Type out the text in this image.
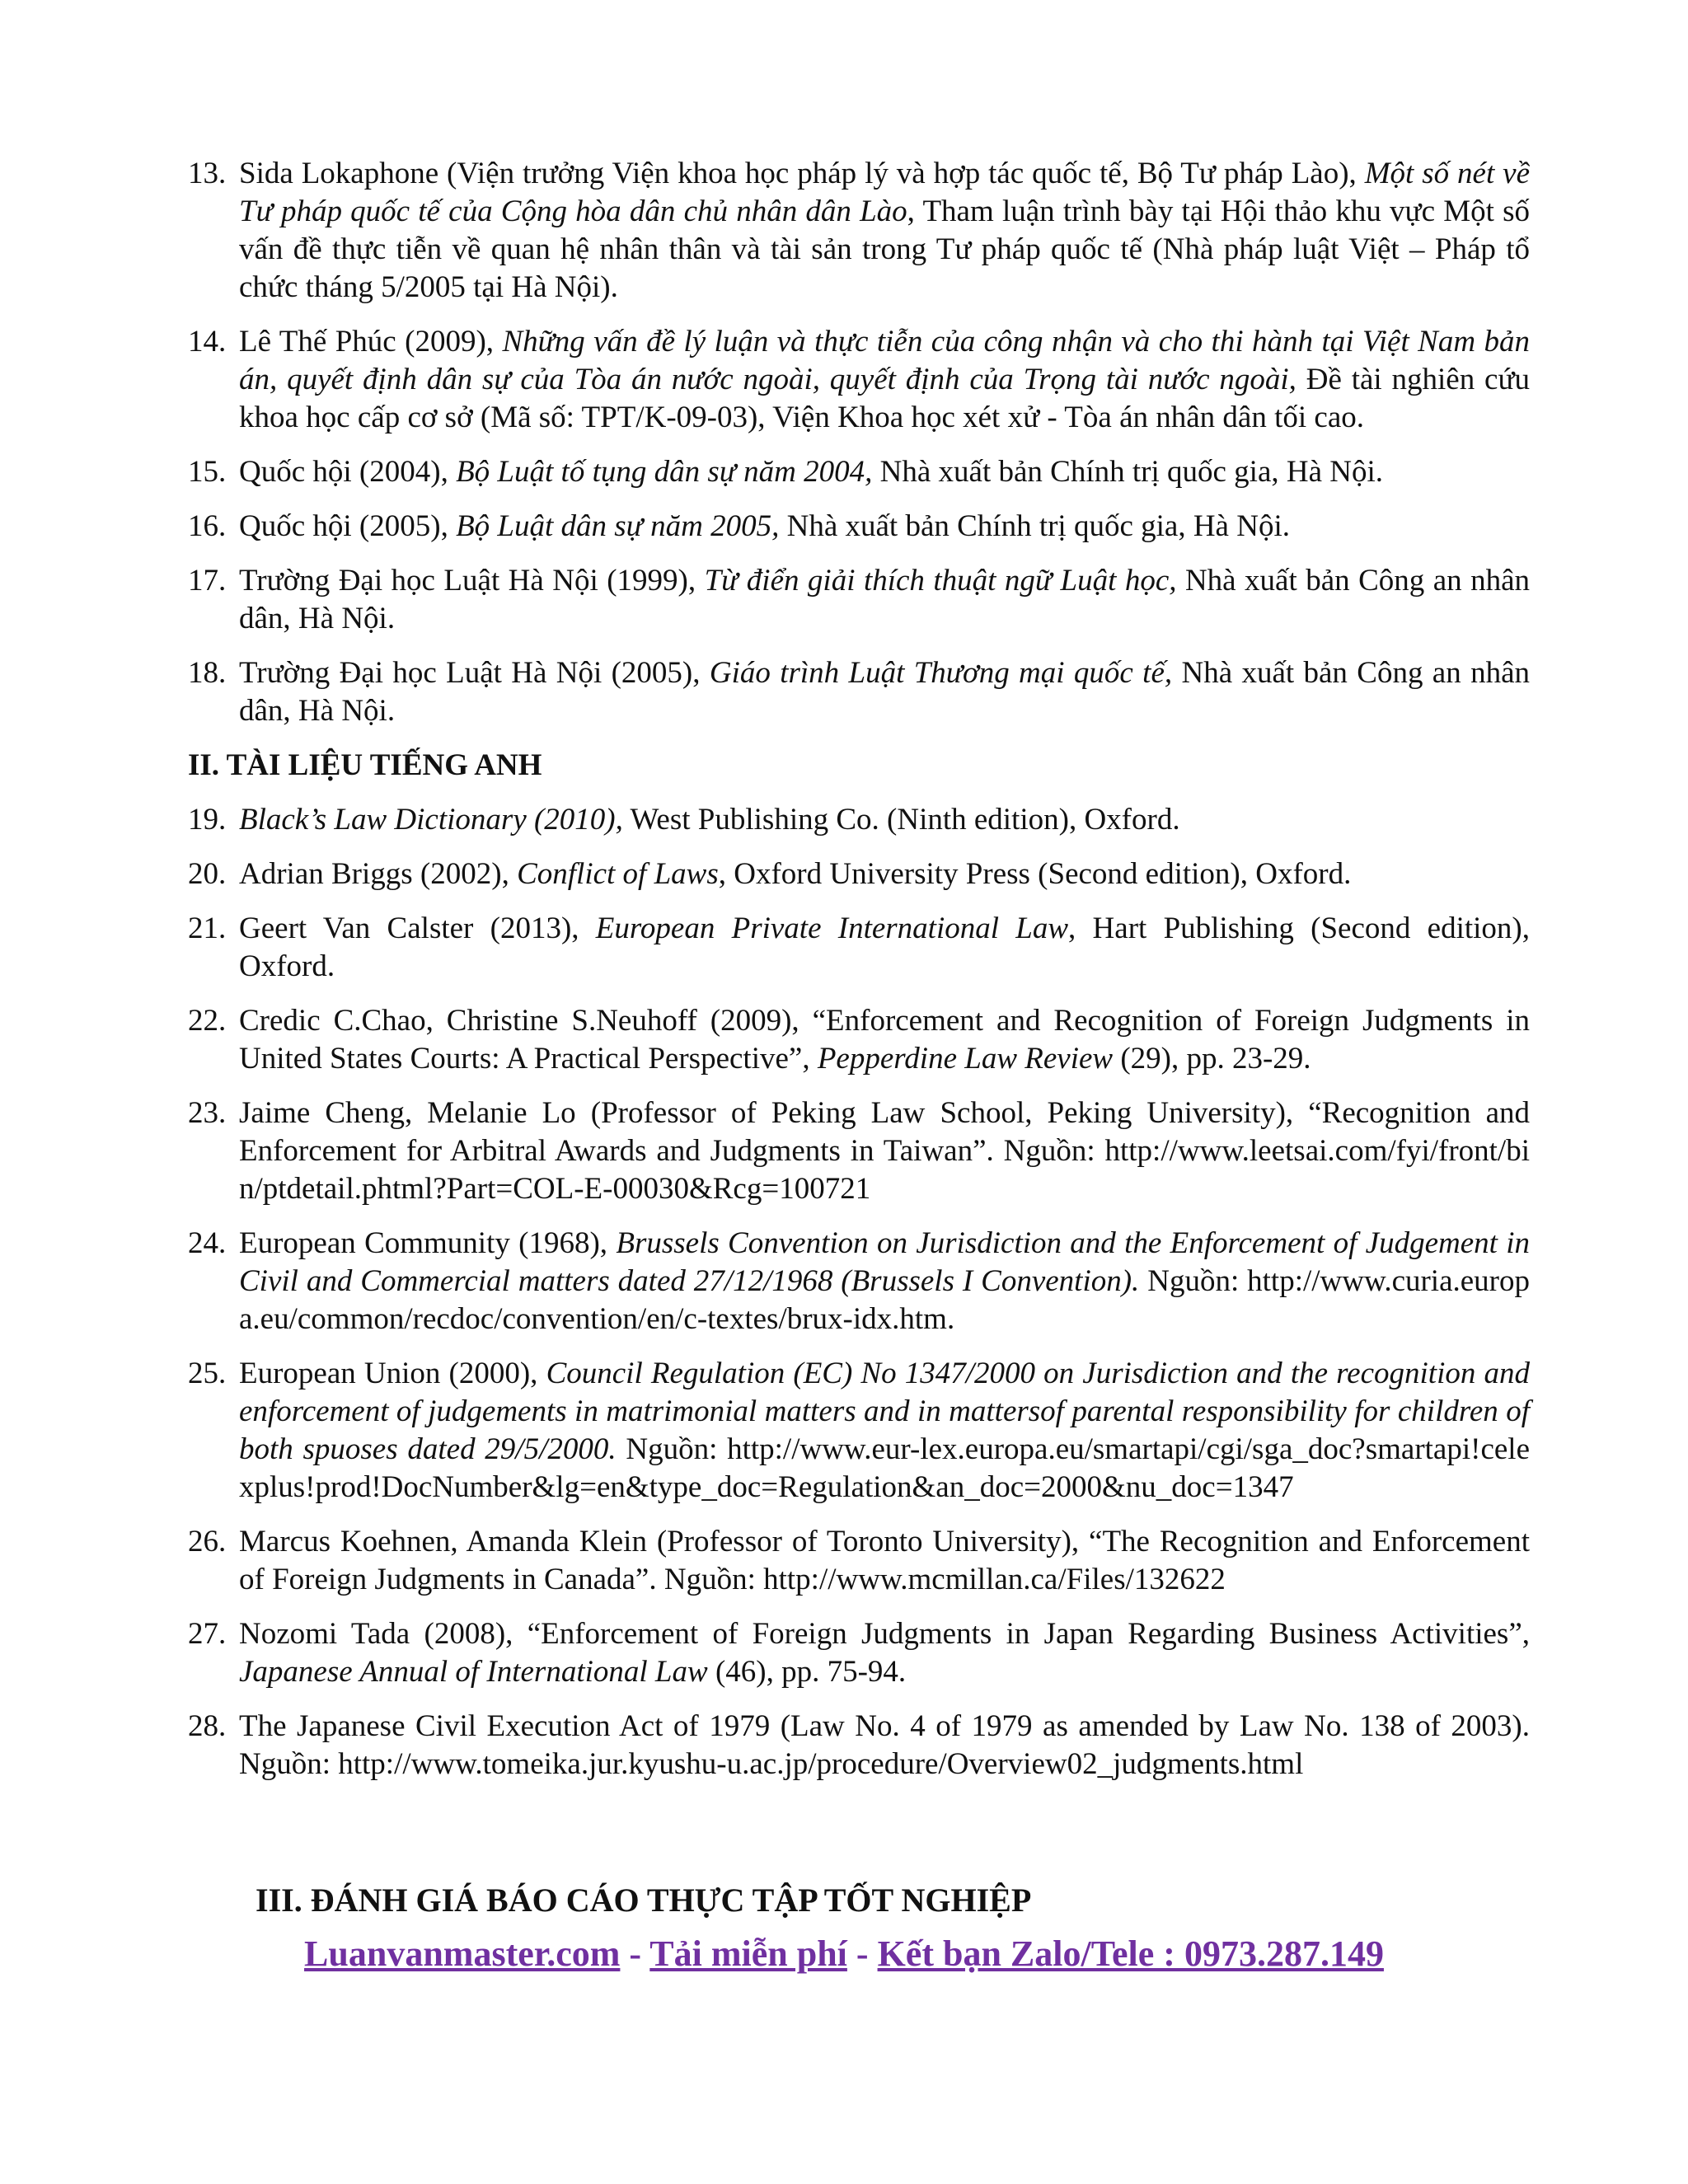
13. Sida Lokaphone (Viện trưởng Viện khoa học pháp lý và hợp tác quốc tế, Bộ Tư pháp Lào), Một số nét về Tư pháp quốc tế của Cộng hòa dân chủ nhân dân Lào, Tham luận trình bày tại Hội thảo khu vực Một số vấn đề thực tiễn về quan hệ nhân thân và tài sản trong Tư pháp quốc tế (Nhà pháp luật Việt – Pháp tổ chức tháng 5/2005 tại Hà Nội).
14. Lê Thế Phúc (2009), Những vấn đề lý luận và thực tiễn của công nhận và cho thi hành tại Việt Nam bản án, quyết định dân sự của Tòa án nước ngoài, quyết định của Trọng tài nước ngoài, Đề tài nghiên cứu khoa học cấp cơ sở (Mã số: TPT/K-09-03), Viện Khoa học xét xử - Tòa án nhân dân tối cao.
15. Quốc hội (2004), Bộ Luật tố tụng dân sự năm 2004, Nhà xuất bản Chính trị quốc gia, Hà Nội.
16. Quốc hội (2005), Bộ Luật dân sự năm 2005, Nhà xuất bản Chính trị quốc gia, Hà Nội.
17. Trường Đại học Luật Hà Nội (1999), Từ điển giải thích thuật ngữ Luật học, Nhà xuất bản Công an nhân dân, Hà Nội.
18. Trường Đại học Luật Hà Nội (2005), Giáo trình Luật Thương mại quốc tế, Nhà xuất bản Công an nhân dân, Hà Nội.
II. TÀI LIỆU TIẾNG ANH
19. Black’s Law Dictionary (2010), West Publishing Co. (Ninth edition), Oxford.
20. Adrian Briggs (2002), Conflict of Laws, Oxford University Press (Second edition), Oxford.
21. Geert Van Calster (2013), European Private International Law, Hart Publishing (Second edition), Oxford.
22. Credic C.Chao, Christine S.Neuhoff (2009), “Enforcement and Recognition of Foreign Judgments in United States Courts: A Practical Perspective”, Pepperdine Law Review (29), pp. 23-29.
23. Jaime Cheng, Melanie Lo (Professor of Peking Law School, Peking University), “Recognition and Enforcement for Arbitral Awards and Judgments in Taiwan”. Nguồn: http://www.leetsai.com/fyi/front/bin/ptdetail.phtml?Part=COL-E-00030&Rcg=100721
24. European Community (1968), Brussels Convention on Jurisdiction and the Enforcement of Judgement in Civil and Commercial matters dated 27/12/1968 (Brussels I Convention). Nguồn: http://www.curia.europa.eu/common/recdoc/convention/en/c-textes/brux-idx.htm.
25. European Union (2000), Council Regulation (EC) No 1347/2000 on Jurisdiction and the recognition and enforcement of judgements in matrimonial matters and in mattersof parental responsibility for children of both spuoses dated 29/5/2000. Nguồn: http://www.eur-lex.europa.eu/smartapi/cgi/sga_doc?smartapi!celexplus!prod!DocNumber&lg=en&type_doc=Regulation&an_doc=2000&nu_doc=1347
26. Marcus Koehnen, Amanda Klein (Professor of Toronto University), “The Recognition and Enforcement of Foreign Judgments in Canada”. Nguồn: http://www.mcmillan.ca/Files/132622
27. Nozomi Tada (2008), “Enforcement of Foreign Judgments in Japan Regarding Business Activities”, Japanese Annual of International Law (46), pp. 75-94.
28. The Japanese Civil Execution Act of 1979 (Law No. 4 of 1979 as amended by Law No. 138 of 2003). Nguồn: http://www.tomeika.jur.kyushu-u.ac.jp/procedure/Overview02_judgments.html
III. ĐÁNH GIÁ BÁO CÁO THỰC TẬP TỐT NGHIỆP
Luanvanmaster.com - Tải miễn phí - Kết bạn Zalo/Tele : 0973.287.149
